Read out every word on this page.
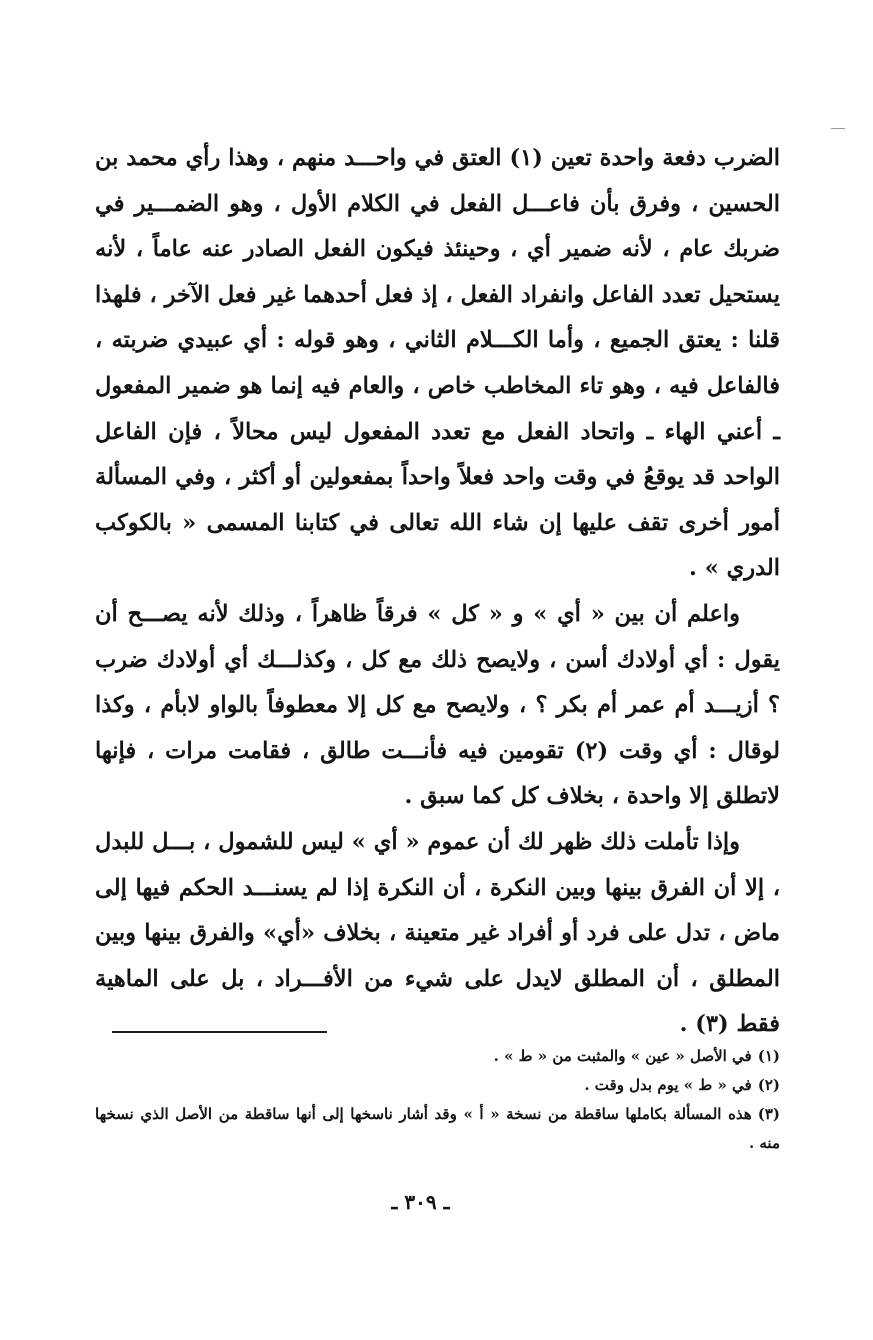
الضرب دفعة واحدة تعين (١) العتق في واحـــد منهم ، وهذا رأي محمد بن الحسين ، وفرق بأن فاعـــل الفعل في الكلام الأول ، وهو الضمـــير في ضربك عام ، لأنه ضمير أي ، وحينئذ فيكون الفعل الصادر عنه عاماً ، لأنه يستحيل تعدد الفاعل وانفراد الفعل ، إذ فعل أحدهما غير فعل الآخر ، فلهذا قلنا : يعتق الجميع ، وأما الكـــلام الثاني ، وهو قوله : أي عبيدي ضربته ، فالفاعل فيه ، وهو تاء المخاطب خاص ، والعام فيه إنما هو ضمير المفعول ـ أعني الهاء ـ واتحاد الفعل مع تعدد المفعول ليس محالاً ، فإن الفاعل الواحد قد يوقعُ في وقت واحد فعلاً واحداً بمفعولين أو أكثر ، وفي المسألة أمور أخرى تقف عليها إن شاء الله تعالى في كتابنا المسمى « بالكوكب الدري » .

واعلم أن بين « أي » و « كل » فرقاً ظاهراً ، وذلك لأنه يصـــح أن يقول : أي أولادك أسن ، ولايصح ذلك مع كل ، وكذلـــك أي أولادك ضرب ؟ أزيـــد أم عمر أم بكر ؟ ، ولايصح مع كل إلا معطوفاً بالواو لابأم ، وكذا لوقال : أي وقت (٢) تقومين فيه فأنـــت طالق ، فقامت مرات ، فإنها لاتطلق إلا واحدة ، بخلاف كل كما سبق .

وإذا تأملت ذلك ظهر لك أن عموم « أي » ليس للشمول ، بـــل للبدل ، إلا أن الفرق بينها وبين النكرة ، أن النكرة إذا لم يسنـــد الحكم فيها إلى ماض ، تدل على فرد أو أفراد غير متعينة ، بخلاف «أي» والفرق بينها وبين المطلق ، أن المطلق لايدل على شيء من الأفـــراد ، بل على الماهية فقط (٣) .

(١)في الأصل « عين » والمثبت من « ط » .

(٢)في « ط » يوم بدل وقت .

(٣)هذه المسألة بكاملها ساقطة من نسخة « أ » وقد أشار ناسخها إلى أنها ساقطة من الأصل الذي نسخها منه .

ـ ٣٠٩ ـ
